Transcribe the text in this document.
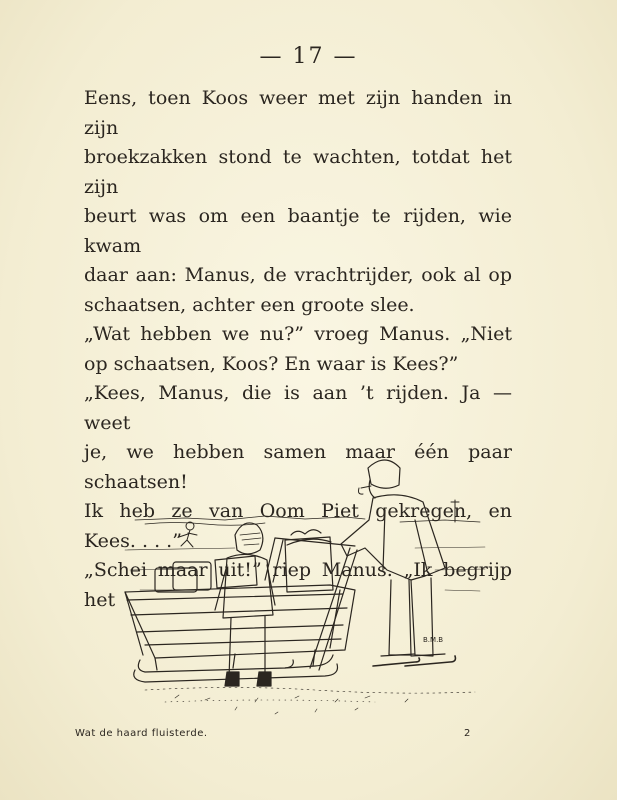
— 17 —

Eens, toen Koos weer met zijn handen in zijn

broekzakken stond te wachten, totdat het zijn

beurt was om een baantje te rijden, wie kwam

daar aan: Manus, de vrachtrijder, ook al op

schaatsen, achter een groote slee.

„Wat hebben we nu?” vroeg Manus. „Niet

op schaatsen, Koos? En waar is Kees?”

„Kees, Manus, die is aan ’t rijden. Ja — weet

je, we hebben samen maar één paar schaatsen!

Ik heb ze van Oom Piet gekregen, en

Kees. . . .”

„Schei maar uit!” riep Manus. „Ik begrijp het

B.M.B
Wat de haard fluisterde.	2
